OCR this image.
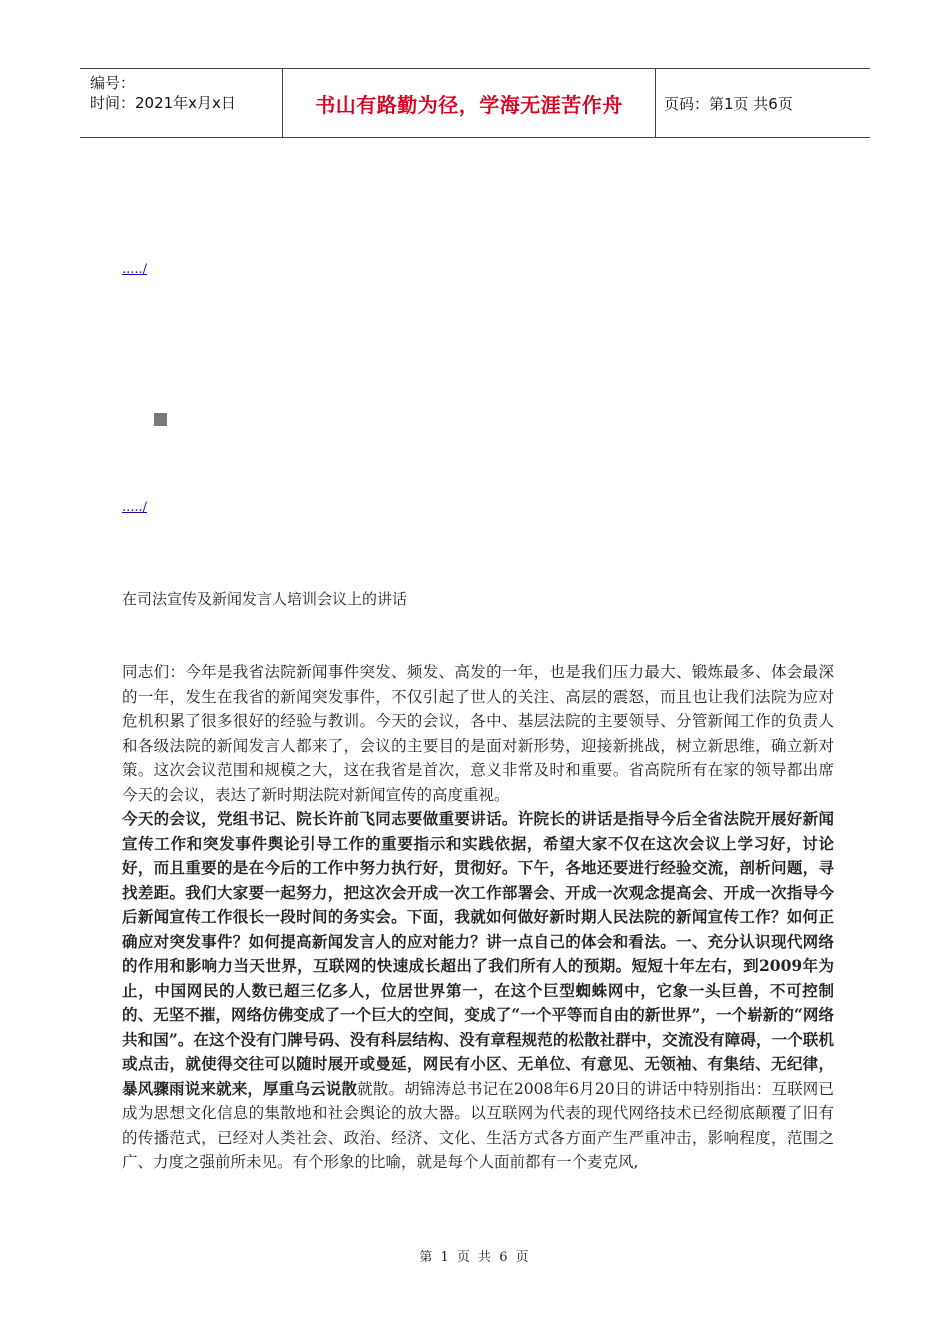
编号：
时间：2021年x月x日	书山有路勤为径，学海无涯苦作舟	页码：第1页 共6页
...../
...../
在司法宣传及新闻发言人培训会议上的讲话

同志们：今年是我省法院新闻事件突发、频发、高发的一年，也是我们压力最大、锻炼最多、体会最深的一年，发生在我省的新闻突发事件，不仅引起了世人的关注、高层的震怒，而且也让我们法院为应对危机积累了很多很好的经验与教训。今天的会议，各中、基层法院的主要领导、分管新闻工作的负责人和各级法院的新闻发言人都来了，会议的主要目的是面对新形势，迎接新挑战，树立新思维，确立新对策。这次会议范围和规模之大，这在我省是首次，意义非常及时和重要。省高院所有在家的领导都出席今天的会议，表达了新时期法院对新闻宣传的高度重视。

今天的会议，党组书记、院长许前飞同志要做重要讲话。许院长的讲话是指导今后全省法院开展好新闻宣传工作和突发事件舆论引导工作的重要指示和实践依据，希望大家不仅在这次会议上学习好，讨论好，而且重要的是在今后的工作中努力执行好，贯彻好。下午，各地还要进行经验交流，剖析问题，寻找差距。我们大家要一起努力，把这次会开成一次工作部署会、开成一次观念提高会、开成一次指导今后新闻宣传工作很长一段时间的务实会。下面，我就如何做好新时期人民法院的新闻宣传工作？如何正确应对突发事件？如何提高新闻发言人的应对能力？讲一点自己的体会和看法。一、充分认识现代网络的作用和影响力当天世界，互联网的快速成长超出了我们所有人的预期。短短十年左右，到2009年为止，中国网民的人数已超三亿多人，位居世界第一，在这个巨型蜘蛛网中，它象一头巨兽，不可控制的、无坚不摧，网络仿佛变成了一个巨大的空间，变成了“一个平等而自由的新世界”，一个崭新的“网络共和国”。在这个没有门牌号码、没有科层结构、没有章程规范的松散社群中，交流没有障碍，一个联机或点击，就使得交往可以随时展开或曼延，网民有小区、无单位、有意见、无领袖、有集结、无纪律，暴风骤雨说来就来，厚重乌云说散就散。胡锦涛总书记在2008年6月20日的讲话中特别指出：互联网已成为思想文化信息的集散地和社会舆论的放大器。以互联网为代表的现代网络技术已经彻底颠覆了旧有的传播范式，已经对人类社会、政治、经济、文化、生活方式各方面产生严重冲击，影响程度，范围之广、力度之强前所未见。有个形象的比喻，就是每个人面前都有一个麦克风,

第 1 页 共 6 页
